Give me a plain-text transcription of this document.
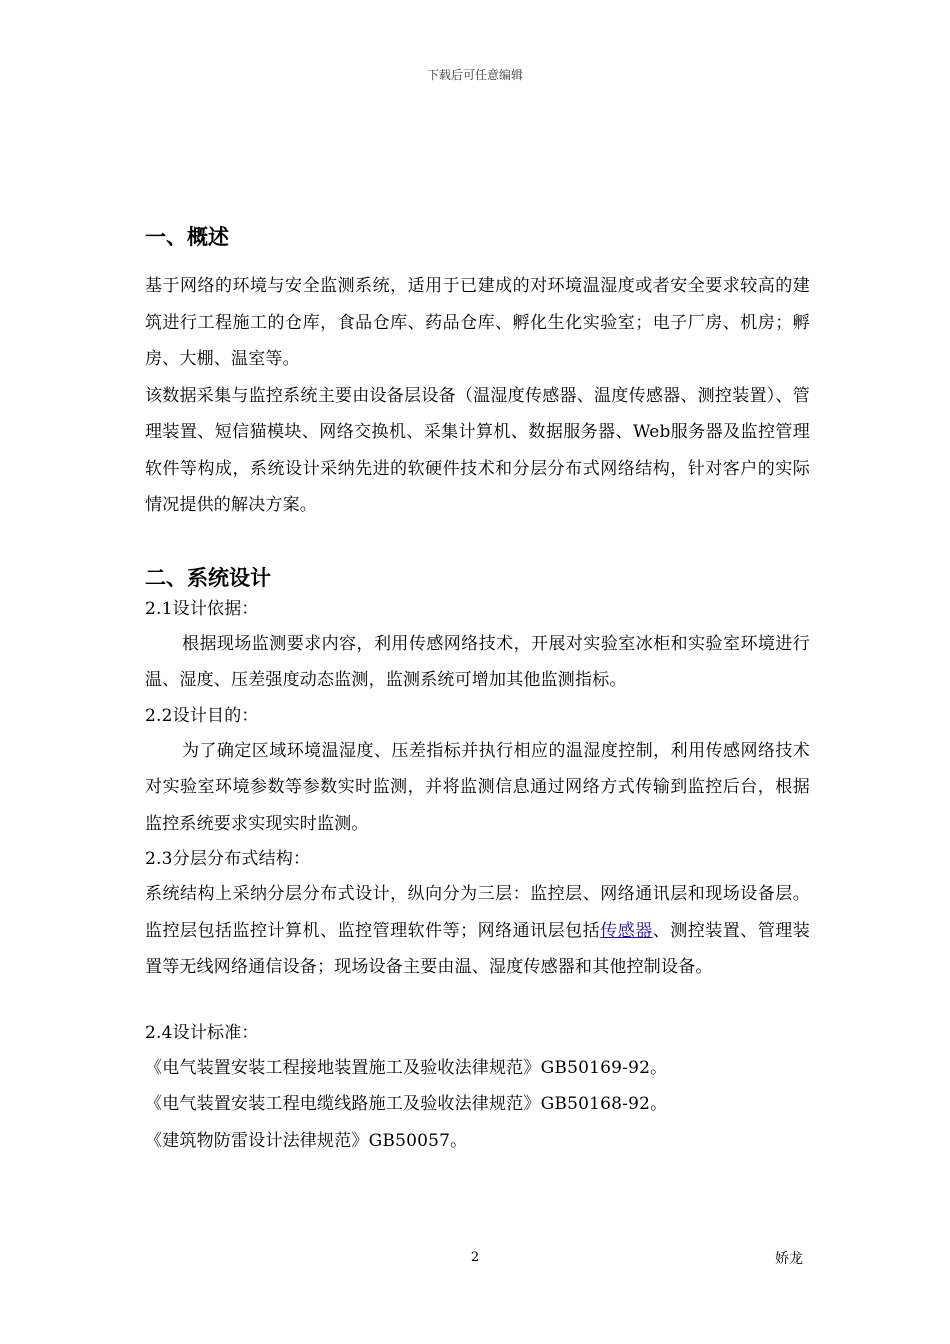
下载后可任意编辑
一、概述

基于网络的环境与安全监测系统，适用于已建成的对环境温湿度或者安全要求较高的建筑进行工程施工的仓库，食品仓库、药品仓库、孵化生化实验室；电子厂房、机房；孵房、大棚、温室等。

该数据采集与监控系统主要由设备层设备（温湿度传感器、温度传感器、测控装置）、管理装置、短信猫模块、网络交换机、采集计算机、数据服务器、Web服务器及监控管理软件等构成，系统设计采纳先进的软硬件技术和分层分布式网络结构，针对客户的实际情况提供的解决方案。

二、系统设计

2.1设计依据：

根据现场监测要求内容，利用传感网络技术，开展对实验室冰柜和实验室环境进行温、湿度、压差强度动态监测，监测系统可增加其他监测指标。

2.2设计目的：

为了确定区域环境温湿度、压差指标并执行相应的温湿度控制，利用传感网络技术对实验室环境参数等参数实时监测，并将监测信息通过网络方式传输到监控后台，根据监控系统要求实现实时监测。

2.3分层分布式结构：

系统结构上采纳分层分布式设计，纵向分为三层：监控层、网络通讯层和现场设备层。监控层包括监控计算机、监控管理软件等；网络通讯层包括传感器、测控装置、管理装置等无线网络通信设备；现场设备主要由温、湿度传感器和其他控制设备。

2.4设计标准：

《电气装置安装工程接地装置施工及验收法律规范》GB50169-92。

《电气装置安装工程电缆线路施工及验收法律规范》GB50168-92。

《建筑物防雷设计法律规范》GB50057。

2	娇龙
